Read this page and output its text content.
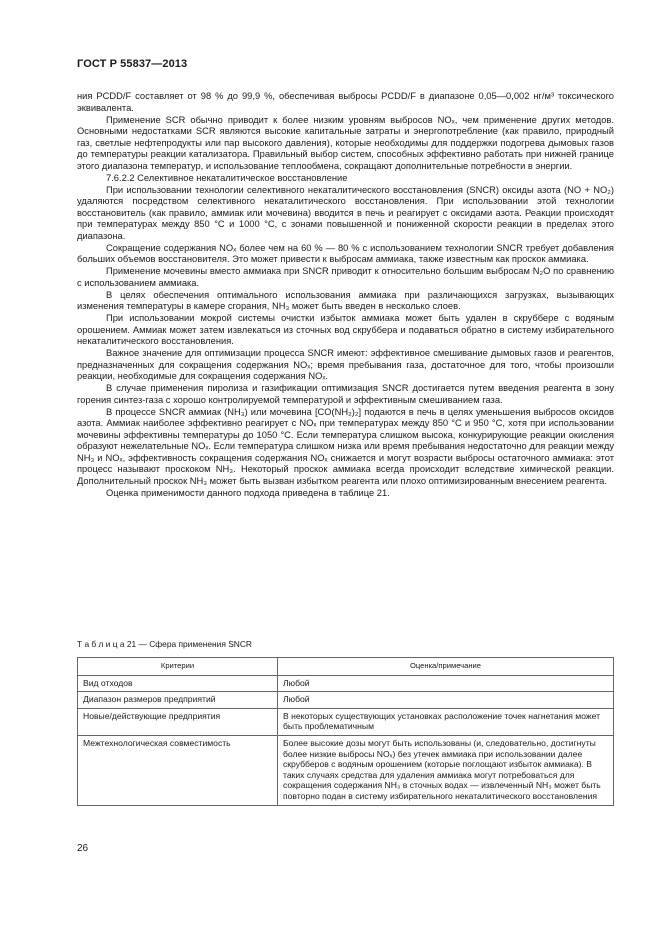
ГОСТ Р 55837—2013

ния PCDD/F составляет от 98 % до 99,9 %, обеспечивая выбросы PCDD/F в диапазоне 0,05—0,002 нг/м³ токсического эквивалента.

Применение SCR обычно приводит к более низким уровням выбросов NOₓ, чем применение других методов. Основными недостатками SCR являются высокие капитальные затраты и энергопотребление (как правило, природный газ, светлые нефтепродукты или пар высокого давления), которые необходимы для поддержки подогрева дымовых газов до температуры реакции катализатора. Правильный выбор систем, способных эффективно работать при нижней границе этого диапазона температур, и использование теплообмена, сокращают дополнительные потребности в энергии.

7.6.2.2 Селективное некаталитическое восстановление

При использовании технологии селективного некаталитического восстановления (SNCR) оксиды азота (NO + NO₂) удаляются посредством селективного некаталитического восстановления. При использовании этой технологии восстановитель (как правило, аммиак или мочевина) вводится в печь и реагирует с оксидами азота. Реакции происходят при температурах между 850 °С и 1000 °С, с зонами повышенной и пониженной скорости реакции в пределах этого диапазона.

Сокращение содержания NOₓ более чем на 60 % — 80 % с использованием технологии SNCR требует добавления больших объемов восстановителя. Это может привести к выбросам аммиака, также известным как проскок аммиака.

Применение мочевины вместо аммиака при SNCR приводит к относительно большим выбросам N₂O по сравнению с использованием аммиака.

В целях обеспечения оптимального использования аммиака при различающихся загрузках, вызывающих изменения температуры в камере сгорания, NH₃ может быть введен в несколько слоев.

При использовании мокрой системы очистки избыток аммиака может быть удален в скруббере с водяным орошением. Аммиак может затем извлекаться из сточных вод скруббера и подаваться обратно в систему избирательного некаталитического восстановления.

Важное значение для оптимизации процесса SNCR имеют: эффективное смешивание дымовых газов и реагентов, предназначенных для сокращения содержания NOₓ; время пребывания газа, достаточное для того, чтобы произошли реакции, необходимые для сокращения содержания NOₓ.

В случае применения пиролиза и газификации оптимизация SNCR достигается путем введения реагента в зону горения синтез-газа с хорошо контролируемой температурой и эффективным смешиванием газа.

В процессе SNCR аммиак (NH₃) или мочевина [CO(NH₂)₂] подаются в печь в целях уменьшения выбросов оксидов азота. Аммиак наиболее эффективно реагирует с NOₓ при температурах между 850 °С и 950 °С, хотя при использовании мочевины эффективны температуры до 1050 °С. Если температура слишком высока, конкурирующие реакции окисления образуют нежелательные NOₓ. Если температура слишком низка или время пребывания недостаточно для реакции между NH₃ и NOₓ, эффективность сокращения содержания NOₓ снижается и могут возрасти выбросы остаточного аммиака: этот процесс называют проскоком NH₃. Некоторый проскок аммиака всегда происходит вследствие химической реакции. Дополнительный проскок NH₃ может быть вызван избытком реагента или плохо оптимизированным внесением реагента.

Оценка применимости данного подхода приведена в таблице 21.

Т а б л и ц а 21 — Сфера применения SNCR
Критерии	Оценка/примечание
Вид отходов	Любой
Диапазон размеров предприятий	Любой
Новые/действующие предприятия	В некоторых существующих установках расположение точек нагнетания может быть проблематичным
Межтехнологическая совместимость	Более высокие дозы могут быть использованы (и, следовательно, достигнуты более низкие выбросы NOₓ) без утечек аммиака при использовании далее скрубберов с водяным орошением (которые поглощают избыток аммиака). В таких случаях средства для удаления аммиака могут потребоваться для сокращения содержания NH₃ в сточных водах — извлеченный NH₃ может быть повторно подан в систему избирательного некаталитического восстановления
26
